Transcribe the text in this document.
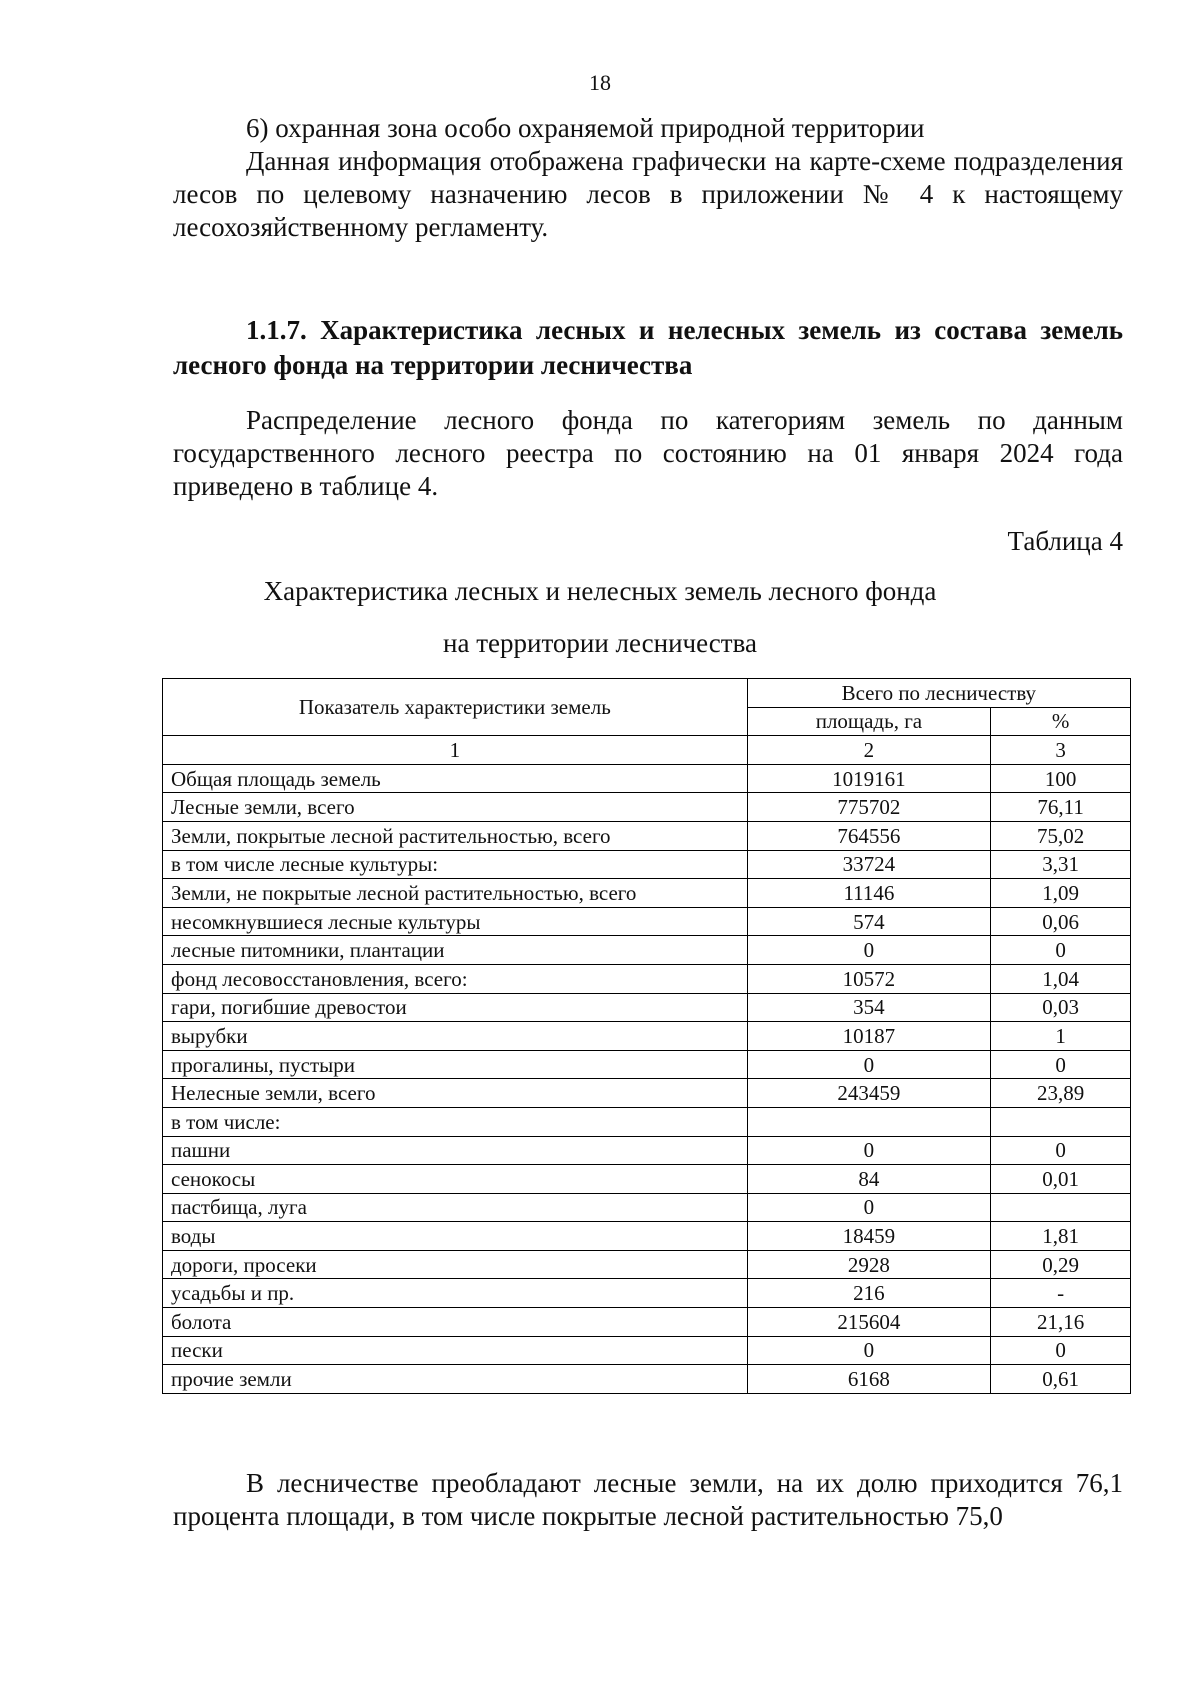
18

6) охранная зона особо охраняемой природной территории

Данная информация отображена графически на карте-схеме подразделения лесов по целевому назначению лесов в приложении № 4 к настоящему лесохозяйственному регламенту.

1.1.7. Характеристика лесных и нелесных земель из состава земель лесного фонда на территории лесничества

Распределение лесного фонда по категориям земель по данным государственного лесного реестра по состоянию на 01 января 2024 года приведено в таблице 4.

Таблица 4
Характеристика лесных и нелесных земель лесного фонда
на территории лесничества
Показатель характеристики земель	Всего по лесничеству	
	площадь, га	%
1	2	3
Общая площадь земель	1019161	100
Лесные земли, всего	775702	76,11
Земли, покрытые лесной растительностью, всего	764556	75,02
в том числе лесные культуры:	33724	3,31
Земли, не покрытые лесной растительностью, всего	11146	1,09
несомкнувшиеся лесные культуры	574	0,06
лесные питомники, плантации	0	0
фонд лесовосстановления, всего:	10572	1,04
гари, погибшие древостои	354	0,03
вырубки	10187	1
прогалины, пустыри	0	0
Нелесные земли, всего	243459	23,89
в том числе:		
пашни	0	0
сенокосы	84	0,01
пастбища, луга	0	
воды	18459	1,81
дороги, просеки	2928	0,29
усадьбы и пр.	216	-
болота	215604	21,16
пески	0	0
прочие земли	6168	0,61

В лесничестве преобладают лесные земли, на их долю приходится 76,1 процента площади, в том числе покрытые лесной растительностью 75,0
